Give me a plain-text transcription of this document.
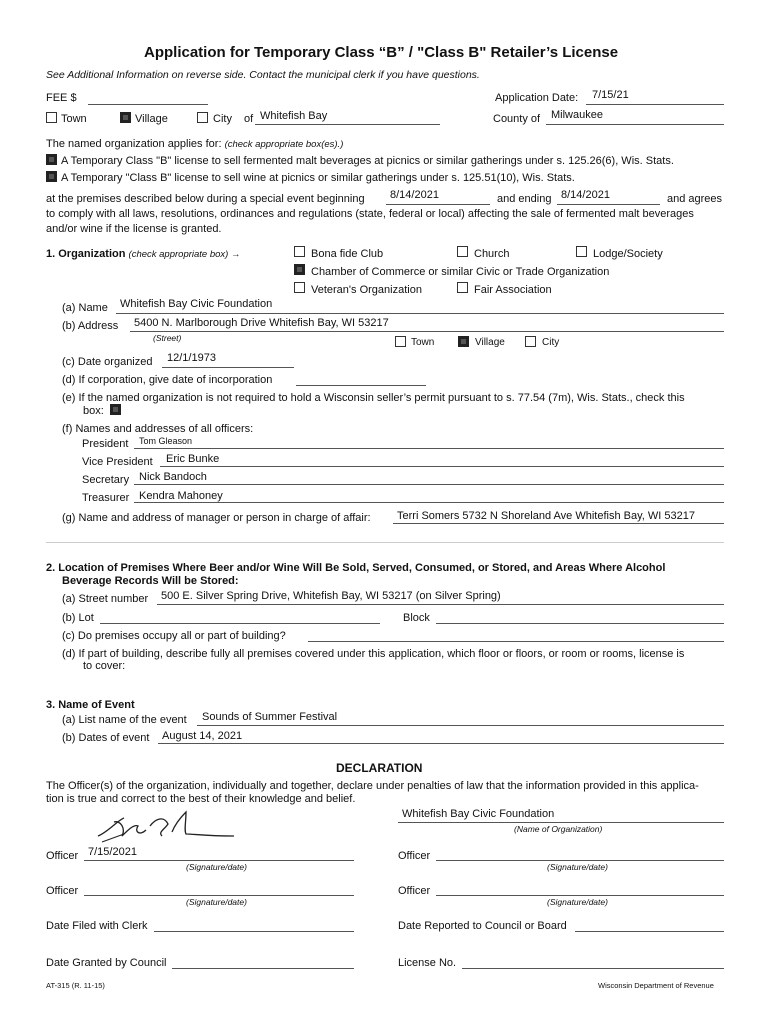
Application for Temporary Class “B” / "Class B" Retailer’s License
See Additional Information on reverse side. Contact the municipal clerk if you have questions.
FEE $	Application Date: 7/15/21
Town	Village	City of Whitefish Bay	County of Milwaukee
The named organization applies for: (check appropriate box(es).)
A Temporary Class "B" license to sell fermented malt beverages at picnics or similar gatherings under s. 125.26(6), Wis. Stats.
A Temporary "Class B" license to sell wine at picnics or similar gatherings under s. 125.51(10), Wis. Stats.
at the premises described below during a special event beginning 8/14/2021	and ending 8/14/2021	and agrees
to comply with all laws, resolutions, ordinances and regulations (state, federal or local) affecting the sale of fermented malt beverages
and/or wine if the license is granted.
1. Organization (check appropriate box) →	Bona fide Club	Church	Lodge/Society
Chamber of Commerce or similar Civic or Trade Organization
Veteran's Organization	Fair Association
(a) Name Whitefish Bay Civic Foundation
(b) Address 5400 N. Marlborough Drive Whitefish Bay, WI 53217
(Street)	Town	Village	City
(c) Date organized 12/1/1973
(d) If corporation, give date of incorporation
(e) If the named organization is not required to hold a Wisconsin seller’s permit pursuant to s. 77.54 (7m), Wis. Stats., check this
box:
(f) Names and addresses of all officers:
President Tom Gleason
Vice President Eric Bunke
Secretary Nick Bandoch
Treasurer Kendra Mahoney
(g) Name and address of manager or person in charge of affair: Terri Somers 5732 N Shoreland Ave Whitefish Bay, WI 53217
2. Location of Premises Where Beer and/or Wine Will Be Sold, Served, Consumed, or Stored, and Areas Where Alcohol
Beverage Records Will be Stored:
(a) Street number 500 E. Silver Spring Drive, Whitefish Bay, WI 53217 (on Silver Spring)
(b) Lot	Block
(c) Do premises occupy all or part of building?
(d) If part of building, describe fully all premises covered under this application, which floor or floors, or room or rooms, license is
to cover:
3. Name of Event
(a) List name of the event Sounds of Summer Festival
(b) Dates of event August 14, 2021
DECLARATION
The Officer(s) of the organization, individually and together, declare under penalties of law that the information provided in this applica-
tion is true and correct to the best of their knowledge and belief.
Whitefish Bay Civic Foundation
(Name of Organization)
Officer 7/15/2021
(Signature/date)
Officer
(Signature/date)
Officer
(Signature/date)
Officer
(Signature/date)
Date Filed with Clerk	Date Reported to Council or Board
Date Granted by Council	License No.
AT-315 (R. 11-15)	Wisconsin Department of Revenue
